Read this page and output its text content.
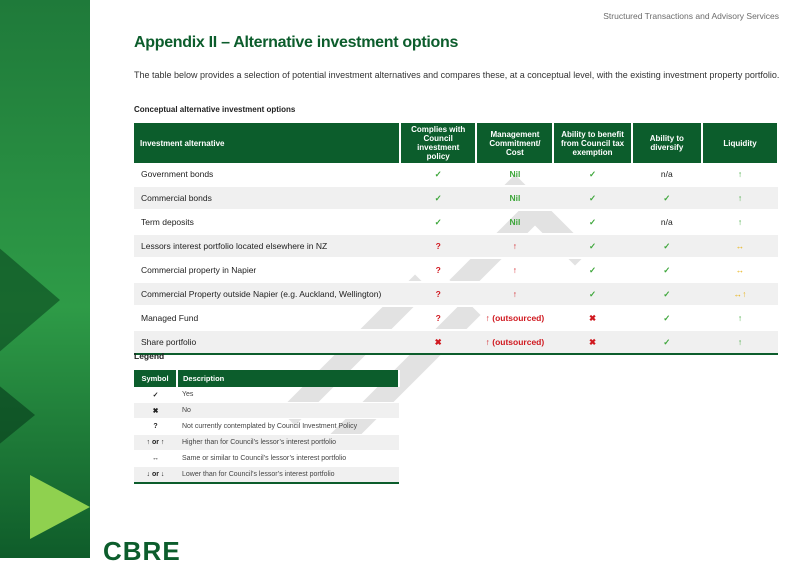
Structured Transactions and Advisory Services
Appendix II – Alternative investment options
The table below provides a selection of potential investment alternatives and compares these, at a conceptual level, with the existing investment property portfolio.
Conceptual alternative investment options
Investment alternative	Complies with Council investment policy	Management Commitment/ Cost	Ability to benefit from Council tax exemption	Ability to diversify	Liquidity
Government bonds	✓	Nil	✓	n/a	↑
Commercial bonds	✓	Nil	✓	✓	↑
Term deposits	✓	Nil	✓	n/a	↑
Lessors interest portfolio located elsewhere in NZ	?	↑	✓	✓	↔
Commercial property in Napier	?	↑	✓	✓	↔
Commercial Property outside Napier (e.g. Auckland, Wellington)	?	↑	✓	✓	↔↑
Managed Fund	?	↑ (outsourced)	✖	✓	↑
Share portfolio	✖	↑ (outsourced)	✖	✓	↑
Legend
Symbol	Description
✓	Yes
✖	No
?	Not currently contemplated by Council Investment Policy
↑ or ↑	Higher than for Council’s lessor’s interest portfolio
↔	Same or similar to Council’s lessor’s interest portfolio
↓ or ↓	Lower than for Council’s lessor’s interest portfolio
CBRE
